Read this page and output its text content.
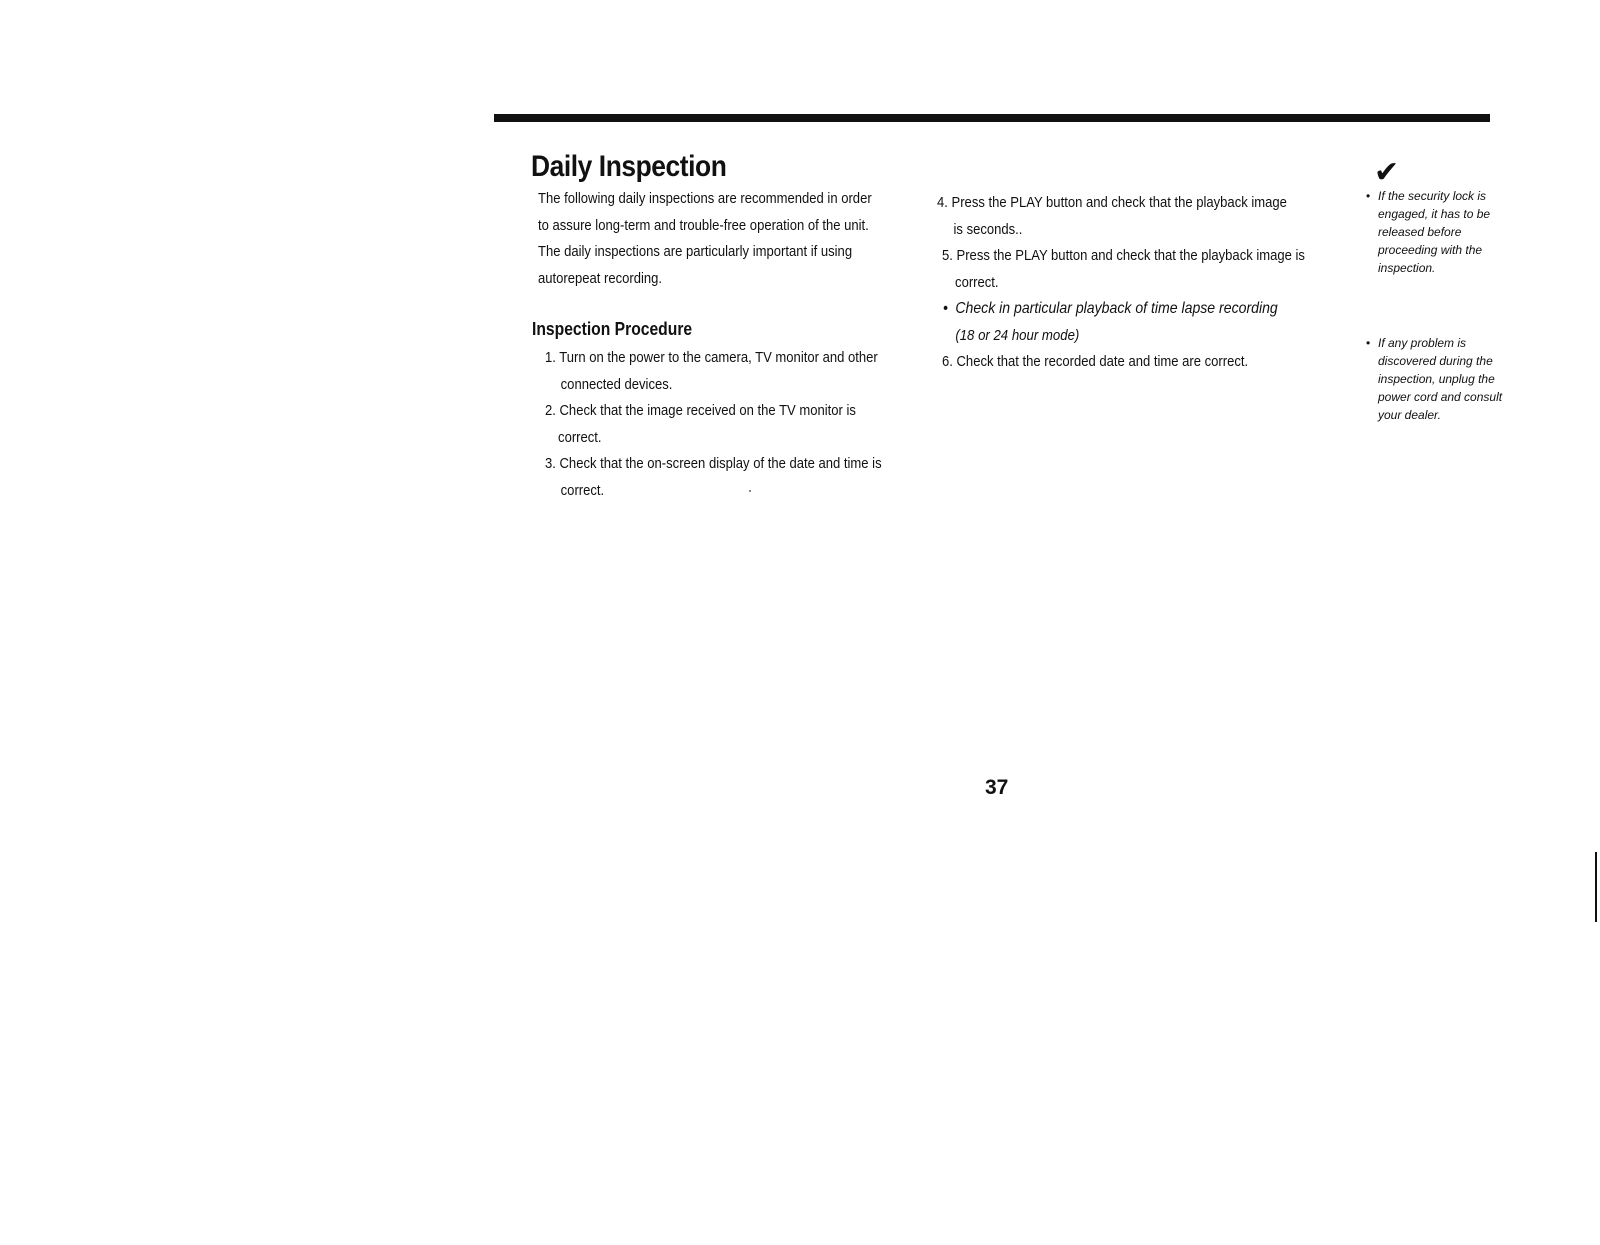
Daily Inspection
The following daily inspections are recommended in order
to assure long-term and trouble-free operation of the unit.
The daily inspections are particularly important if using
autorepeat recording.
Inspection Procedure
1. Turn on the power to the camera, TV monitor and other
connected devices.
2. Check that the image received on the TV monitor is
correct.
3. Check that the on-screen display of the date and time is
correct.
4. Press the PLAY button and check that the playback image
is seconds..
5. Press the PLAY button and check that the playback image is
correct.
• Check in particular playback of time lapse recording
(18 or 24 hour mode)
6. Check that the recorded date and time are correct.
✔
• If the security lock is
engaged, it has to be
released before
proceeding with the
inspection.
• If any problem is
discovered during the
inspection, unplug the
power cord and consult
your dealer.
37
